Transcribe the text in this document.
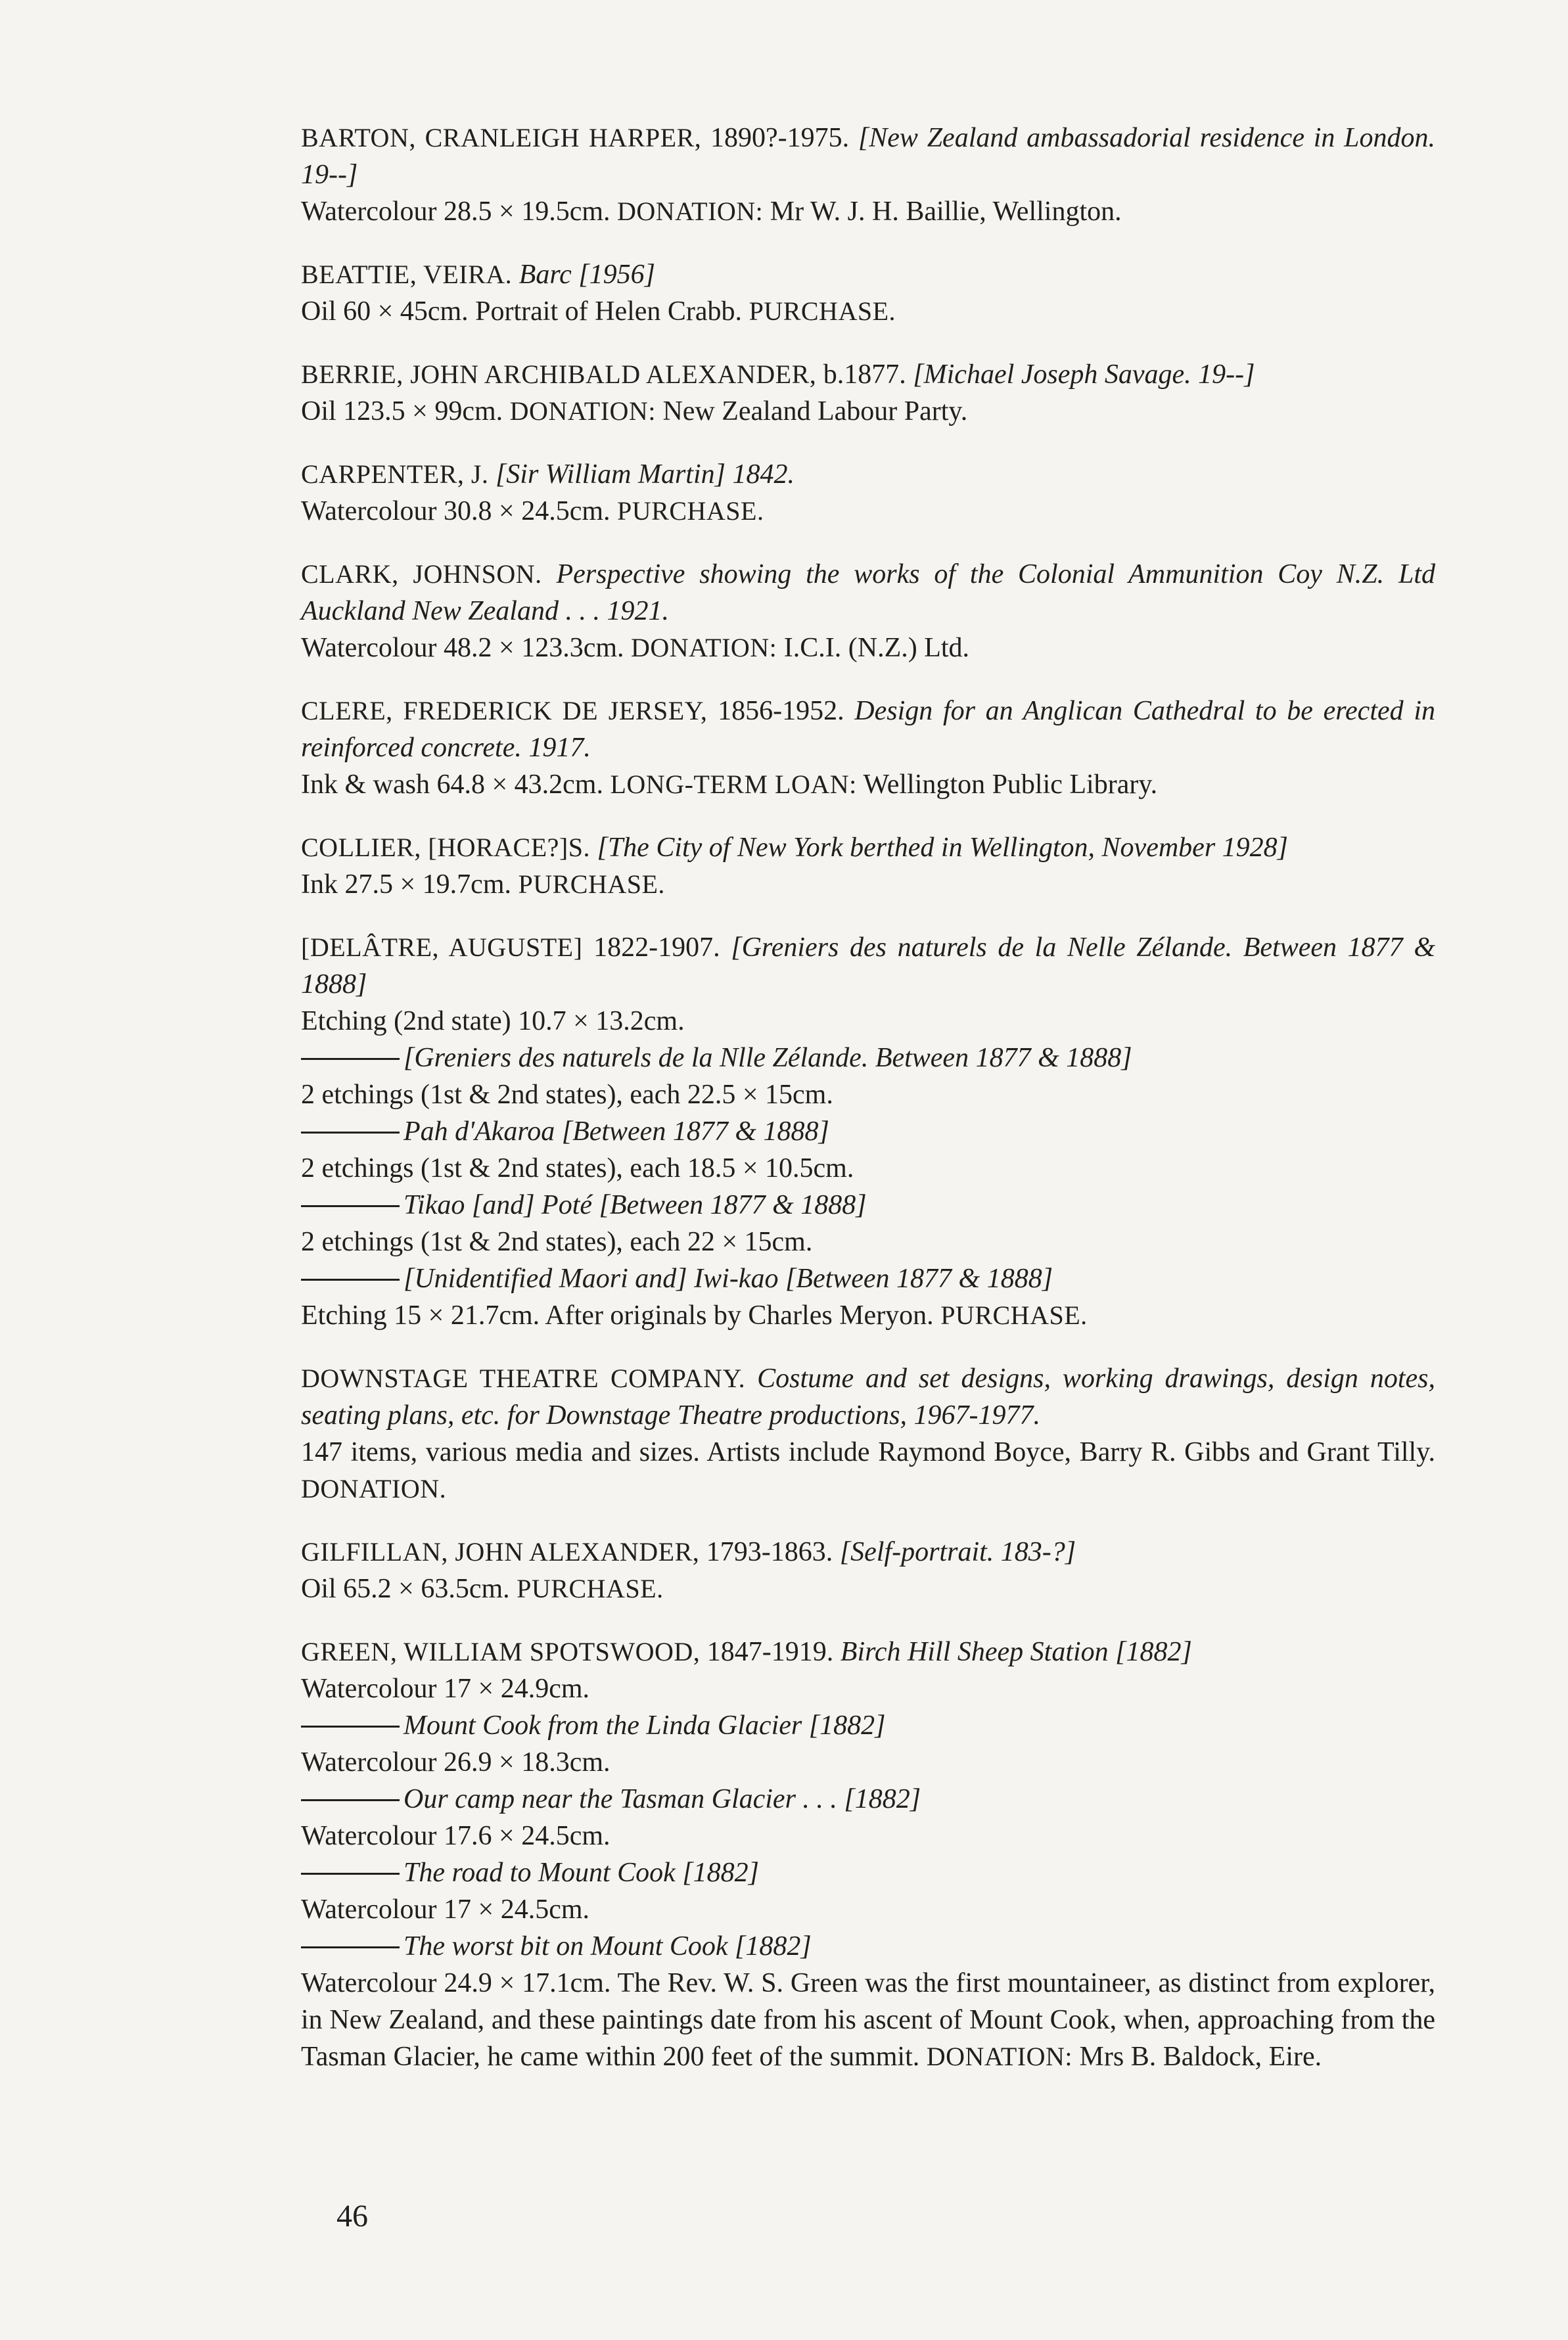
BARTON, CRANLEIGH HARPER, 1890?-1975. [New Zealand ambassadorial residence in London. 19--]
Watercolour 28.5 × 19.5cm. DONATION: Mr W. J. H. Baillie, Wellington.
BEATTIE, VEIRA. Barc [1956]
Oil 60 × 45cm. Portrait of Helen Crabb. PURCHASE.
BERRIE, JOHN ARCHIBALD ALEXANDER, b.1877. [Michael Joseph Savage. 19--]
Oil 123.5 × 99cm. DONATION: New Zealand Labour Party.
CARPENTER, J. [Sir William Martin] 1842.
Watercolour 30.8 × 24.5cm. PURCHASE.
CLARK, JOHNSON. Perspective showing the works of the Colonial Ammunition Coy N.Z. Ltd Auckland New Zealand . . . 1921.
Watercolour 48.2 × 123.3cm. DONATION: I.C.I. (N.Z.) Ltd.
CLERE, FREDERICK DE JERSEY, 1856-1952. Design for an Anglican Cathedral to be erected in reinforced concrete. 1917.
Ink & wash 64.8 × 43.2cm. LONG-TERM LOAN: Wellington Public Library.
COLLIER, [HORACE?]S. [The City of New York berthed in Wellington, November 1928]
Ink 27.5 × 19.7cm. PURCHASE.
[DELÂTRE, AUGUSTE] 1822-1907. [Greniers des naturels de la Nelle Zélande. Between 1877 & 1888]
Etching (2nd state) 10.7 × 13.2cm.
[Greniers des naturels de la Nlle Zélande. Between 1877 & 1888]
2 etchings (1st & 2nd states), each 22.5 × 15cm.
Pah d'Akaroa [Between 1877 & 1888]
2 etchings (1st & 2nd states), each 18.5 × 10.5cm.
Tikao [and] Poté [Between 1877 & 1888]
2 etchings (1st & 2nd states), each 22 × 15cm.
[Unidentified Maori and] Iwi-kao [Between 1877 & 1888]
Etching 15 × 21.7cm. After originals by Charles Meryon. PURCHASE.
DOWNSTAGE THEATRE COMPANY. Costume and set designs, working drawings, design notes, seating plans, etc. for Downstage Theatre productions, 1967-1977.
147 items, various media and sizes. Artists include Raymond Boyce, Barry R. Gibbs and Grant Tilly. DONATION.
GILFILLAN, JOHN ALEXANDER, 1793-1863. [Self-portrait. 183-?]
Oil 65.2 × 63.5cm. PURCHASE.
GREEN, WILLIAM SPOTSWOOD, 1847-1919. Birch Hill Sheep Station [1882]
Watercolour 17 × 24.9cm.
Mount Cook from the Linda Glacier [1882]
Watercolour 26.9 × 18.3cm.
Our camp near the Tasman Glacier . . . [1882]
Watercolour 17.6 × 24.5cm.
The road to Mount Cook [1882]
Watercolour 17 × 24.5cm.
The worst bit on Mount Cook [1882]
Watercolour 24.9 × 17.1cm. The Rev. W. S. Green was the first mountaineer, as distinct from explorer, in New Zealand, and these paintings date from his ascent of Mount Cook, when, approaching from the Tasman Glacier, he came within 200 feet of the summit. DONATION: Mrs B. Baldock, Eire.
46
